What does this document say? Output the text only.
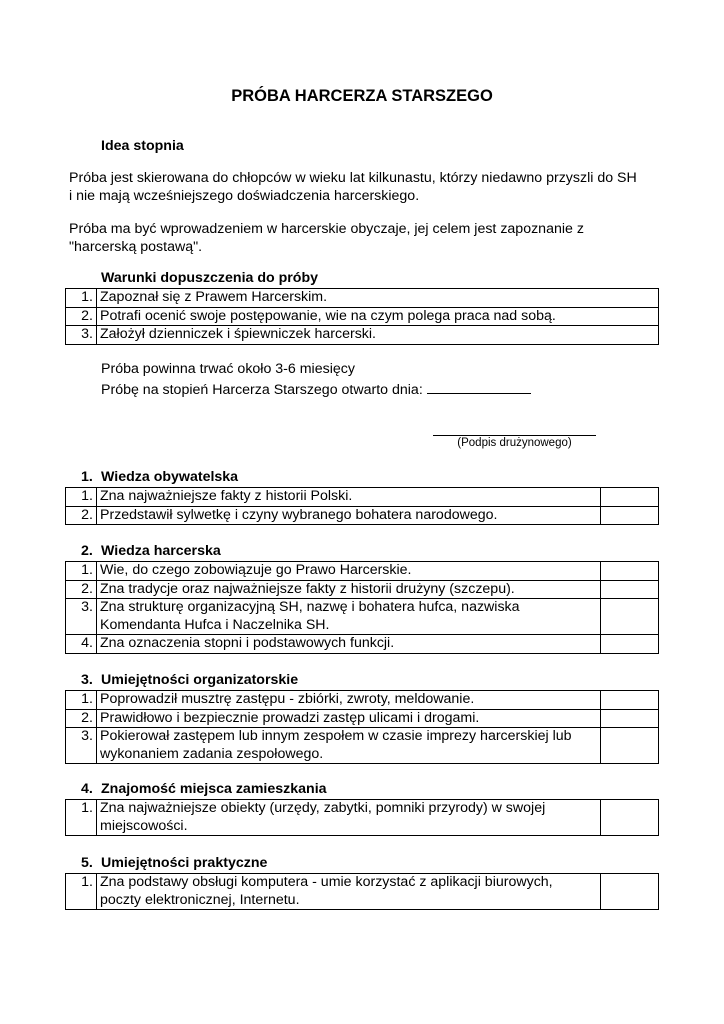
PRÓBA HARCERZA STARSZEGO
Idea stopnia
Próba jest skierowana do chłopców w wieku lat kilkunastu, którzy niedawno przyszli do SH
i nie mają wcześniejszego doświadczenia harcerskiego.
Próba ma być wprowadzeniem w harcerskie obyczaje, jej celem jest zapoznanie z
"harcerską postawą".
Warunki dopuszczenia do próby
1.	Zapoznał się z Prawem Harcerskim.
2.	Potrafi ocenić swoje postępowanie, wie na czym polega praca nad sobą.
3.	Założył dzienniczek i śpiewniczek harcerski.
Próba powinna trwać około 3-6 miesięcy
Próbę na stopień Harcerza Starszego otwarto dnia:
(Podpis drużynowego)
1. Wiedza obywatelska
1.	Zna najważniejsze fakty z historii Polski.	

2.	Przedstawił sylwetkę i czyny wybranego bohatera narodowego.	

2. Wiedza harcerska
1.	Wie, do czego zobowiązuje go Prawo Harcerskie.	

2.	Zna tradycje oraz najważniejsze fakty z historii drużyny (szczepu).	

3.	Zna strukturę organizacyjną SH, nazwę i bohatera hufca, nazwiska
Komendanta Hufca i Naczelnika SH.	

4.	Zna oznaczenia stopni i podstawowych funkcji.	

3. Umiejętności organizatorskie
1.	Poprowadził musztrę zastępu - zbiórki, zwroty, meldowanie.	

2.	Prawidłowo i bezpiecznie prowadzi zastęp ulicami i drogami.	

3.	Pokierował zastępem lub innym zespołem w czasie imprezy harcerskiej lub
wykonaniem zadania zespołowego.	

4. Znajomość miejsca zamieszkania
1.	Zna najważniejsze obiekty (urzędy, zabytki, pomniki przyrody) w swojej
miejscowości.

5. Umiejętności praktyczne
1.	Zna podstawy obsługi komputera - umie korzystać z aplikacji biurowych,
poczty elektronicznej, Internetu.
